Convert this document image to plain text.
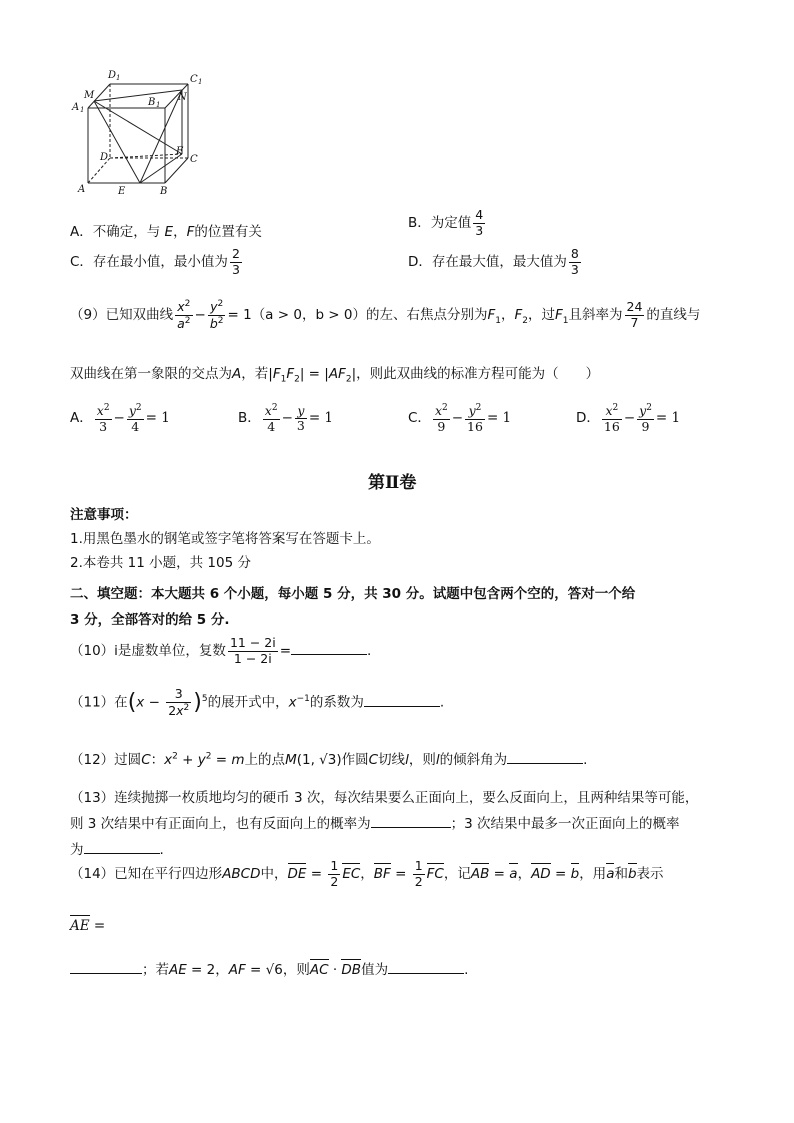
D 1	C 1
M
B 1
N
A 1
D
F
C
A	E	B
A．不确定，与 E，F的位置有关
B．为定值 $\frac{4}{3}$
C．存在最小值，最小值为 $\frac{2}{3}$	D．存在最大值，最大值为 $\frac{8}{3}$
（9）已知双曲线 $\frac{x^2}{a^2} - \frac{y^2}{b^2} = 1(a > 0$，b > 0）的左、右焦点分别为$F_1$，$F_2$，过$F_1$且斜率为 $\frac{24}{7}$ 的直线与
双曲线在第一象限的交点为A，若$|F_1F_2| = |AF_2|$，则此双曲线的标准方程可能为（　　）
A． $\frac{x^2}{3} - \frac{y^2}{4} = 1$	B． $\frac{x^2}{4} - \frac{y}{3} = 1$	C． $\frac{x^2}{9} - \frac{y^2}{16} = 1$	D． $\frac{x^2}{16} - \frac{y^2}{9} = 1$
第Ⅱ卷
注意事项：
1.用黑色墨水的钢笔或签字笔将答案写在答题卡上。
2.本卷共 11 小题，共 105 分
二、填空题：本大题共 6 个小题，每小题 5 分，共 30 分。试题中包含两个空的，答对一个给
3 分，全部答对的给 5 分.
（10）i是虚数单位，复数 $\frac{11 - 2i}{1 - 2i}$ =	.
（11）在$(x - \frac{3}{2x^2} )^5$的展开式中，$x^{-1}$的系数为	.
（12）过圆C：$x^2 + y^2 = m$上的点M(1, √3)作圆C切线l，则l的倾斜角为	.
（13）连续抛掷一枚质地均匀的硬币 3 次，每次结果要么正面向上，要么反面向上，且两种结果等可能，
则 3 次结果中有正面向上，也有反面向上的概率为	；3 次结果中最多一次正面向上的概率
为	.
（14）已知在平行四边形ABCD中，DE = $\frac{1}{2}$ EC，BF = $\frac{1}{2}$ FC，记AB = a，AD = b，用a和b表示
AE =
；若AE = 2，AF = √6，则AC · DB值为	.
